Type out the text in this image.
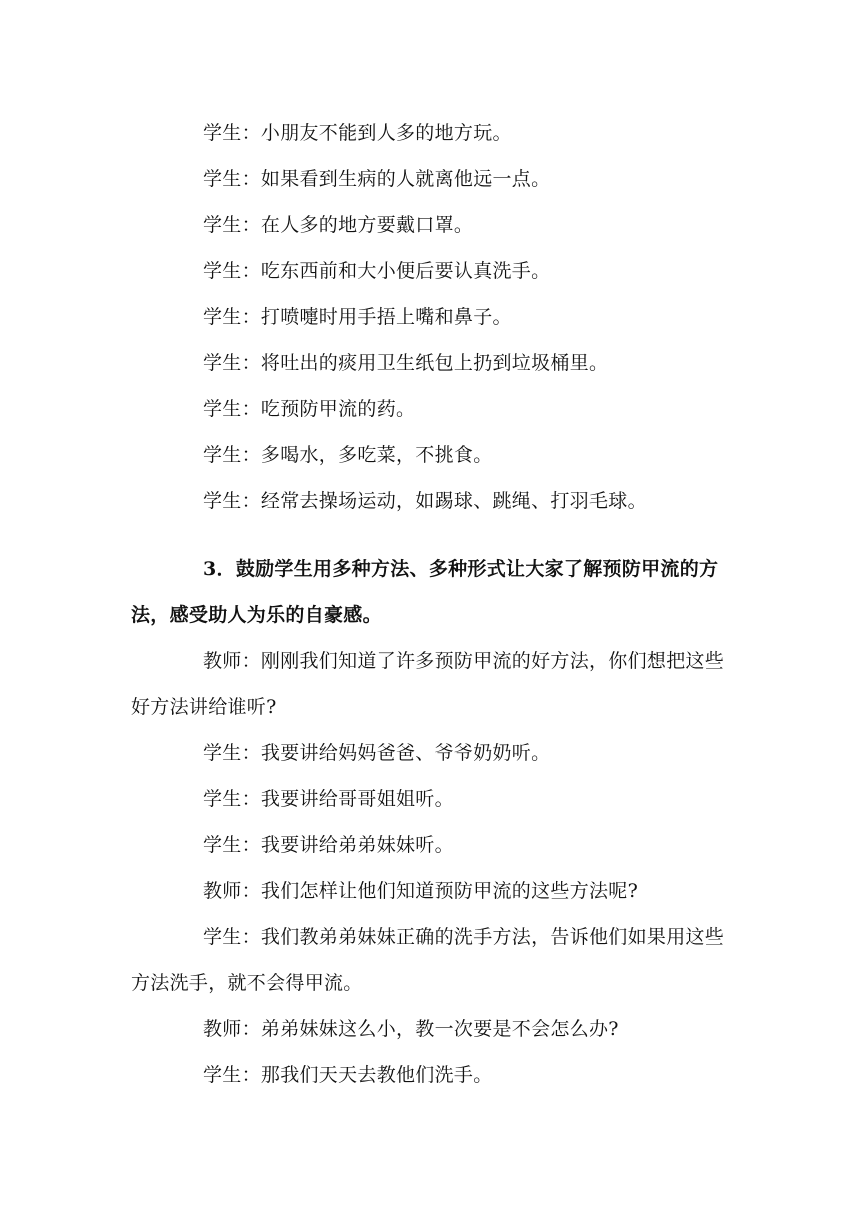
学生：小朋友不能到人多的地方玩。

学生：如果看到生病的人就离他远一点。

学生：在人多的地方要戴口罩。

学生：吃东西前和大小便后要认真洗手。

学生：打喷嚏时用手捂上嘴和鼻子。

学生：将吐出的痰用卫生纸包上扔到垃圾桶里。

学生：吃预防甲流的药。

学生：多喝水，多吃菜，不挑食。

学生：经常去操场运动，如踢球、跳绳、打羽毛球。

3．鼓励学生用多种方法、多种形式让大家了解预防甲流的方法，感受助人为乐的自豪感。

教师：刚刚我们知道了许多预防甲流的好方法，你们想把这些好方法讲给谁听?

学生：我要讲给妈妈爸爸、爷爷奶奶听。

学生：我要讲给哥哥姐姐听。

学生：我要讲给弟弟妹妹听。

教师：我们怎样让他们知道预防甲流的这些方法呢?

学生：我们教弟弟妹妹正确的洗手方法，告诉他们如果用这些方法洗手，就不会得甲流。

教师：弟弟妹妹这么小，教一次要是不会怎么办?

学生：那我们天天去教他们洗手。
